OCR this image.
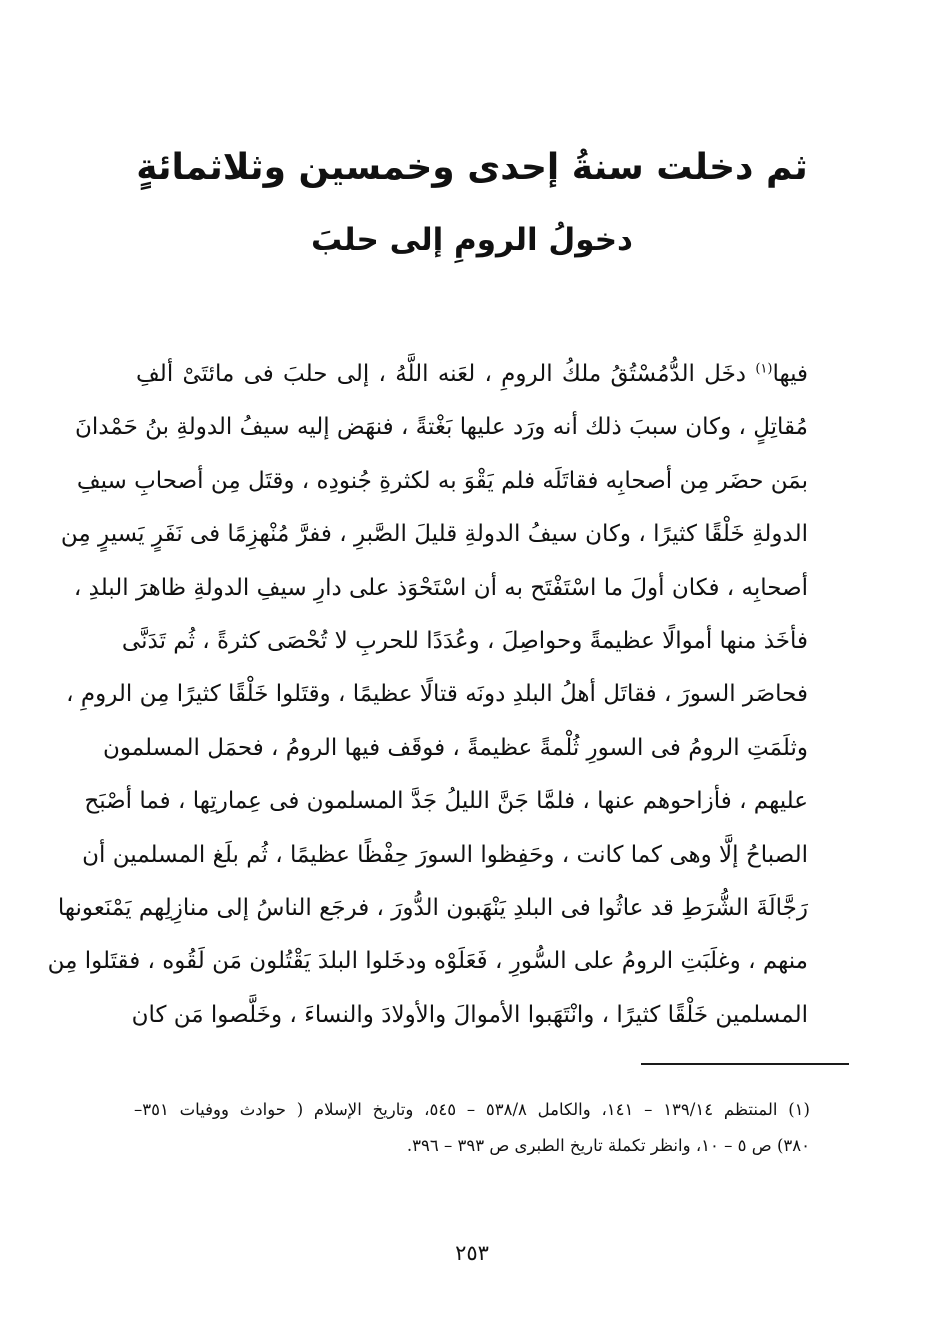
ثم دخلت سنةُ إحدى وخمسين وثلاثمائةٍ
دخولُ الرومِ إلى حلبَ
فيها$^{(١)}$ دخَل الدُّمُسْتُقُ ملكُ الرومِ ، لعَنه اللَّهُ ، إلى حلبَ فى مائتَىْ ألفِ
مُقاتِلٍ ، وكان سببَ ذلك أنه ورَد عليها بَغْتةً ، فنهَض إليه سيفُ الدولةِ بنُ حَمْدانَ
بمَن حضَر مِن أصحابِه فقاتَلَه فلم يَقْوَ به لكثرةِ جُنودِه ، وقتَل مِن أصحابِ سيفِ
الدولةِ خَلْقًا كثيرًا ، وكان سيفُ الدولةِ قليلَ الصَّبرِ ، ففرَّ مُنْهزِمًا فى نَفَرٍ يَسيرٍ مِن
أصحابِه ، فكان أولَ ما اسْتَفْتَح به أن اسْتَحْوَذ على دارِ سيفِ الدولةِ ظاهرَ البلدِ ،
فأخَذ منها أموالًا عظيمةً وحواصِلَ ، وعُدَدًا للحربِ لا تُحْصَى كثرةً ، ثُم تَدَنَّى
فحاصَر السورَ ، فقاتَل أهلُ البلدِ دونَه قتالًا عظيمًا ، وقتَلوا خَلْقًا كثيرًا مِن الرومِ ،
وثلَمَتِ الرومُ فى السورِ ثُلْمةً عظيمةً ، فوقَف فيها الرومُ ، فحمَل المسلمون
عليهم ، فأزاحوهم عنها ، فلمَّا جَنَّ الليلُ جَدَّ المسلمون فى عِمارتِها ، فما أصْبَح
الصباحُ إلَّا وهى كما كانت ، وحَفِظوا السورَ حِفْظًا عظيمًا ، ثُم بلَغ المسلمين أن
رَجَّالَةَ الشُّرَطِ قد عاثُوا فى البلدِ يَنْهَبون الدُّورَ ، فرجَع الناسُ إلى منازِلِهم يَمْنَعونها
منهم ، وغلَبَتِ الرومُ على السُّورِ ، فَعَلَوْه ودخَلوا البلدَ يَقْتُلون مَن لَقُوه ، فقتَلوا مِن
المسلمين خَلْقًا كثيرًا ، وانْتَهَبوا الأموالَ والأولادَ والنساءَ ، وخَلَّصوا مَن كان
(١) المنتظم ١٣٩/١٤ – ١٤١، والكامل ٥٣٨/٨ – ٥٤٥، وتاريخ الإسلام ( حوادث ووفيات ٣٥١–
٣٨٠) ص ٥ – ١٠، وانظر تكملة تاريخ الطبرى ص ٣٩٣ – ٣٩٦.
٢٥٣
